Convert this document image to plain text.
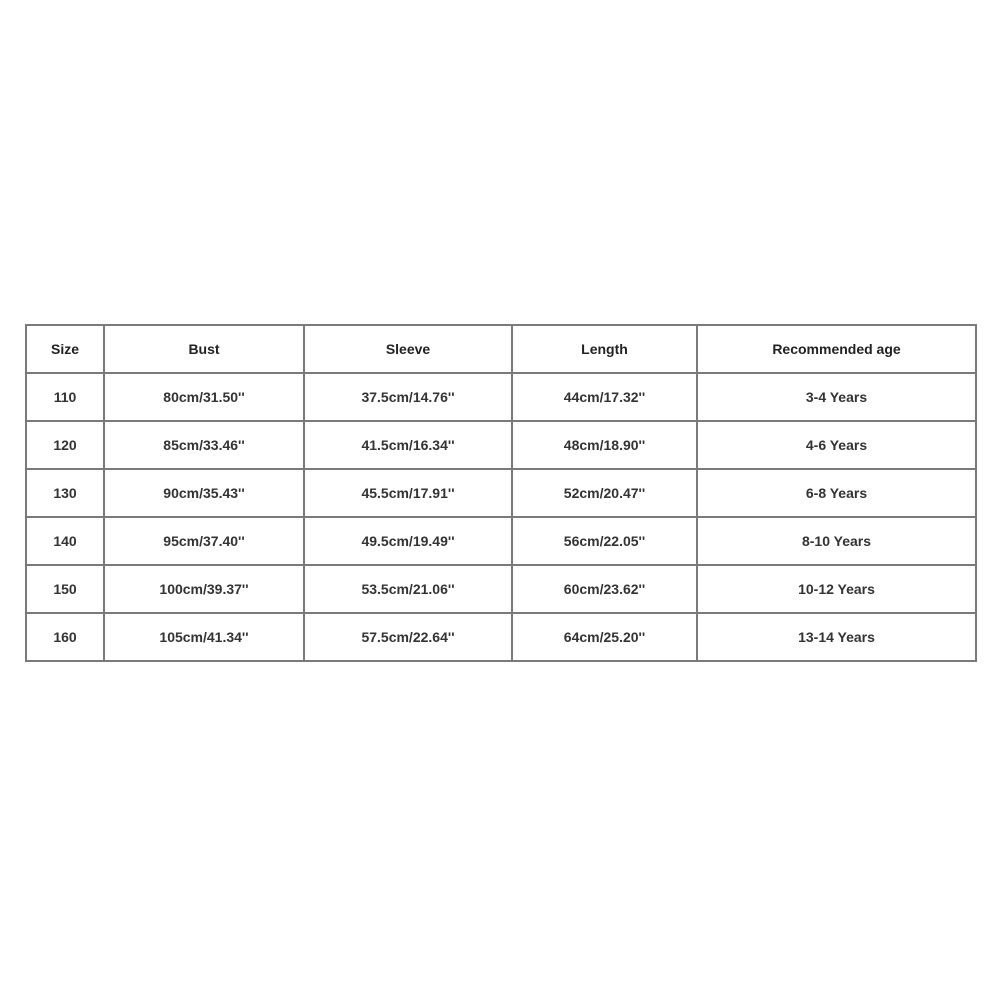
Size	Bust	Sleeve	Length	Recommended age
110	80cm/31.50''	37.5cm/14.76''	44cm/17.32''	3-4 Years
120	85cm/33.46''	41.5cm/16.34''	48cm/18.90''	4-6 Years
130	90cm/35.43''	45.5cm/17.91''	52cm/20.47''	6-8 Years
140	95cm/37.40''	49.5cm/19.49''	56cm/22.05''	8-10 Years
150	100cm/39.37''	53.5cm/21.06''	60cm/23.62''	10-12 Years
160	105cm/41.34''	57.5cm/22.64''	64cm/25.20''	13-14 Years
